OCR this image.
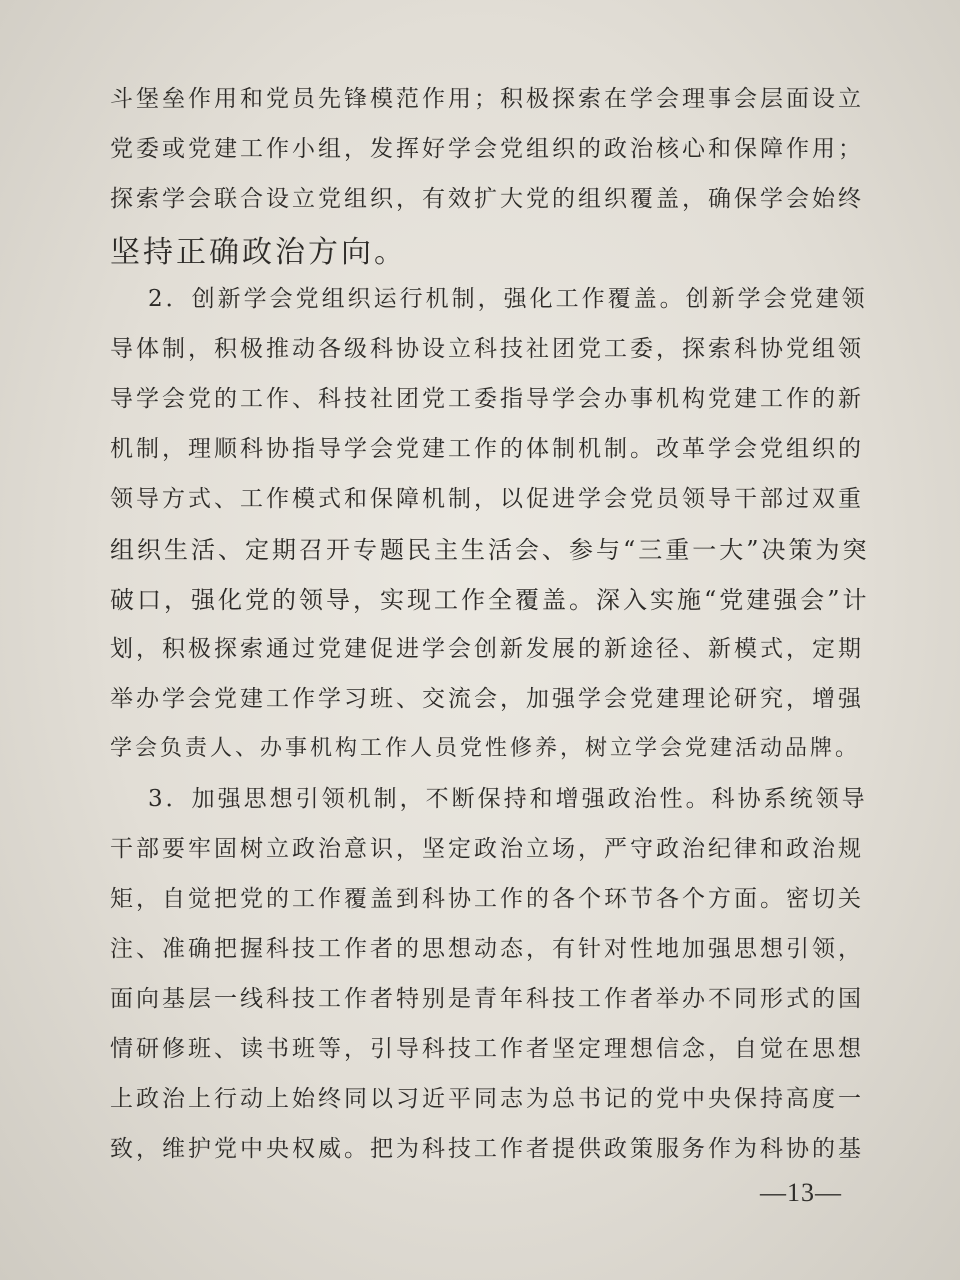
斗堡垒作用和党员先锋模范作用；积极探索在学会理事会层面设立
党委或党建工作小组，发挥好学会党组织的政治核心和保障作用；
探索学会联合设立党组织，有效扩大党的组织覆盖，确保学会始终
坚持正确政治方向。
2．创新学会党组织运行机制，强化工作覆盖。创新学会党建领
导体制，积极推动各级科协设立科技社团党工委，探索科协党组领
导学会党的工作、科技社团党工委指导学会办事机构党建工作的新
机制，理顺科协指导学会党建工作的体制机制。改革学会党组织的
领导方式、工作模式和保障机制，以促进学会党员领导干部过双重
组织生活、定期召开专题民主生活会、参与“三重一大”决策为突
破口，强化党的领导，实现工作全覆盖。深入实施“党建强会”计
划，积极探索通过党建促进学会创新发展的新途径、新模式，定期
举办学会党建工作学习班、交流会，加强学会党建理论研究，增强
学会负责人、办事机构工作人员党性修养，树立学会党建活动品牌。
3．加强思想引领机制，不断保持和增强政治性。科协系统领导
干部要牢固树立政治意识，坚定政治立场，严守政治纪律和政治规
矩，自觉把党的工作覆盖到科协工作的各个环节各个方面。密切关
注、准确把握科技工作者的思想动态，有针对性地加强思想引领，
面向基层一线科技工作者特别是青年科技工作者举办不同形式的国
情研修班、读书班等，引导科技工作者坚定理想信念，自觉在思想
上政治上行动上始终同以习近平同志为总书记的党中央保持高度一
致，维护党中央权威。把为科技工作者提供政策服务作为科协的基
—13—
